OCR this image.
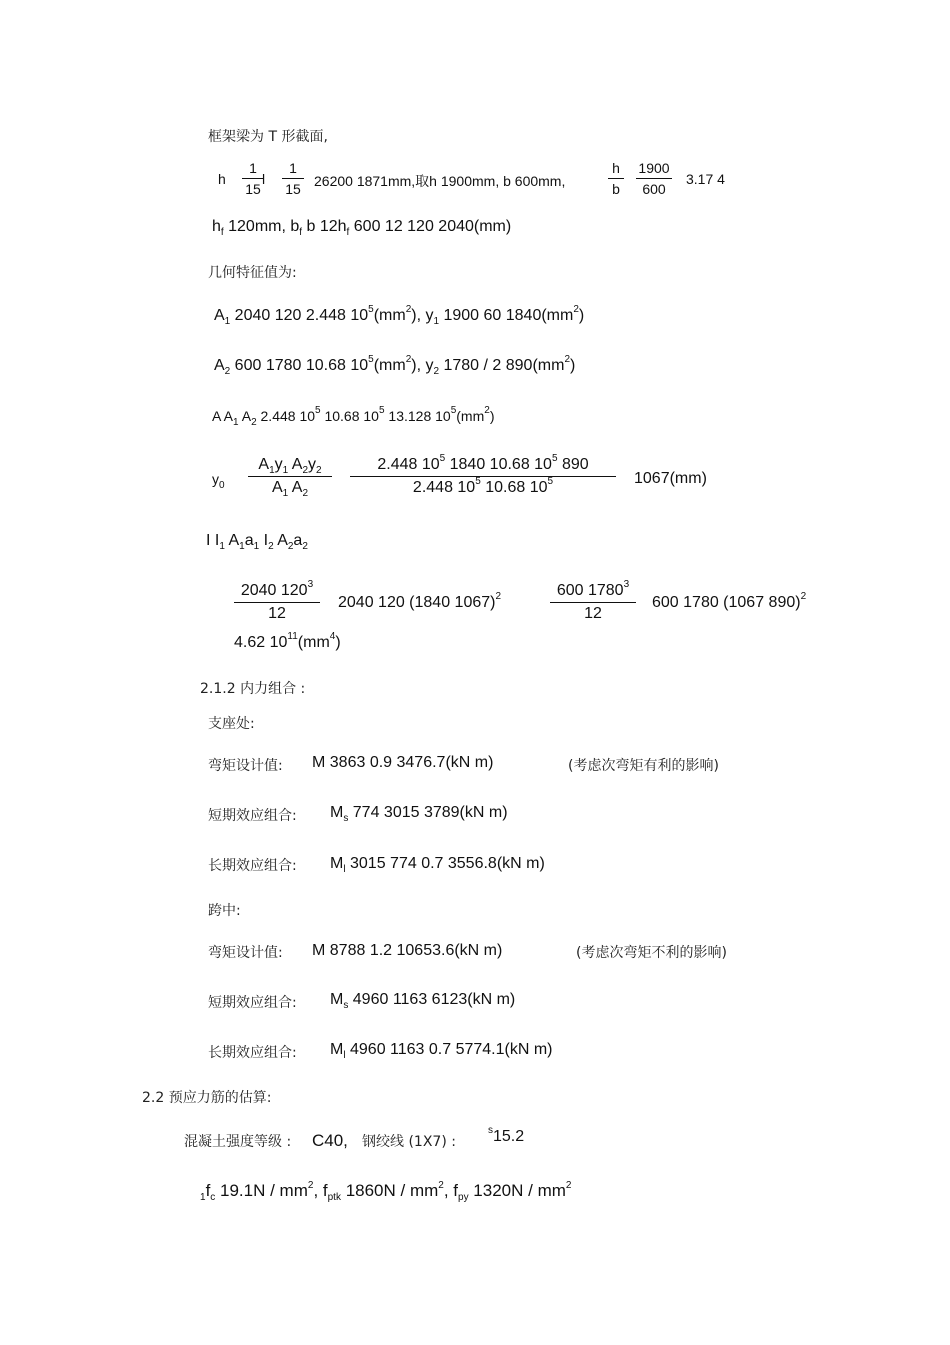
框架梁为 T 形截面,
h
1
15
l
1
15 26200 1871mm,取h 1900mm, b 600mm,
h
b
1900
600
3.17 4
$h_f$ 120mm, $b_f$ b $12h_f$ 600 12 120 2040(mm)
几何特征值为:
$A_1$ 2040 120 2.448 $10^5(mm^2)$, $y_1$ 1900 60 $1840(mm^2)$
$A_2$ 600 1780 10.68 $10^5(mm^2)$, $y_2$ 1780 / 2 $890(mm^2)$
A $A_1$ $A_2$ 2.448 $10^5$ 10.68 $10^5$ 13.128 $10^5(mm^2)$
$y_0$
$A_1y_1$ $A_2y_2$
$A_1$ $A_2$
2.448 $10^5$ 1840 10.68 $10^5$ 890
2.448 $10^5$ 10.68 $10^5$	1067(mm)
I $I_1$ $A_1a_1$ $I_2$ $A_2a_2$
2040 $120^3$
12
2040 120 (1840 1067)$^2$	600 1780$^3$
12
600 1780 (1067 890)$^2$
4.62 $10^{11}(mm^4)$
2.1.2 内力组合 :
支座处:
弯矩设计值: M 3863 0.9 3476.7(kN m)	(考虑次弯矩有利的影响)
短期效应组合: $M_s$ 774 3015 3789(kN m)
长期效应组合: $M_l$ 3015 774 0.7 3556.8(kN m)
跨中:
弯矩设计值: M 8788 1.2 10653.6(kN m)	(考虑次弯矩不利的影响)
短期效应组合: $M_s$ 4960 1163 6123(kN m)
长期效应组合: $M_l$ 4960 1163 0.7 5774.1(kN m)
2.2 预应力筋的估算:
混凝土强度等级 : C40, 钢绞线 (1X7) :
$^s$15.2
$_1f_c$ $19.1N / mm^2$, $f_{ptk}$ $1860N / mm^2$, $f_{py}$ $1320N / mm^2$
